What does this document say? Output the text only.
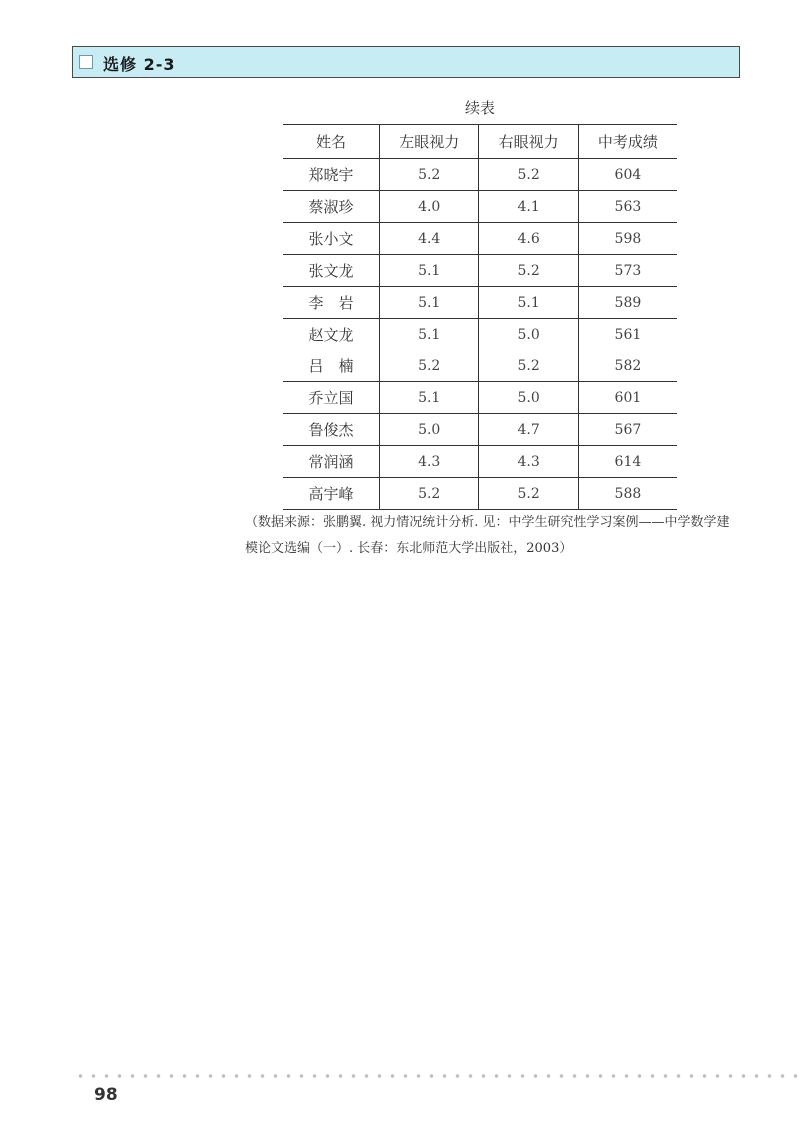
选修 2-3
续表
姓名	左眼视力	右眼视力	中考成绩
郑晓宇	5.2	5.2	604
蔡淑珍	4.0	4.1	563
张小文	4.4	4.6	598
张文龙	5.1	5.2	573
李　岩	5.1	5.1	589
赵文龙	5.1	5.0	561
吕　楠	5.2	5.2	582
乔立国	5.1	5.0	601
鲁俊杰	5.0	4.7	567
常润涵	4.3	4.3	614
高宇峰	5.2	5.2	588
（数据来源：张鹏翼. 视力情况统计分析. 见：中学生研究性学习案例——中学数学建模论文选编（一）. 长春：东北师范大学出版社，2003）
98
